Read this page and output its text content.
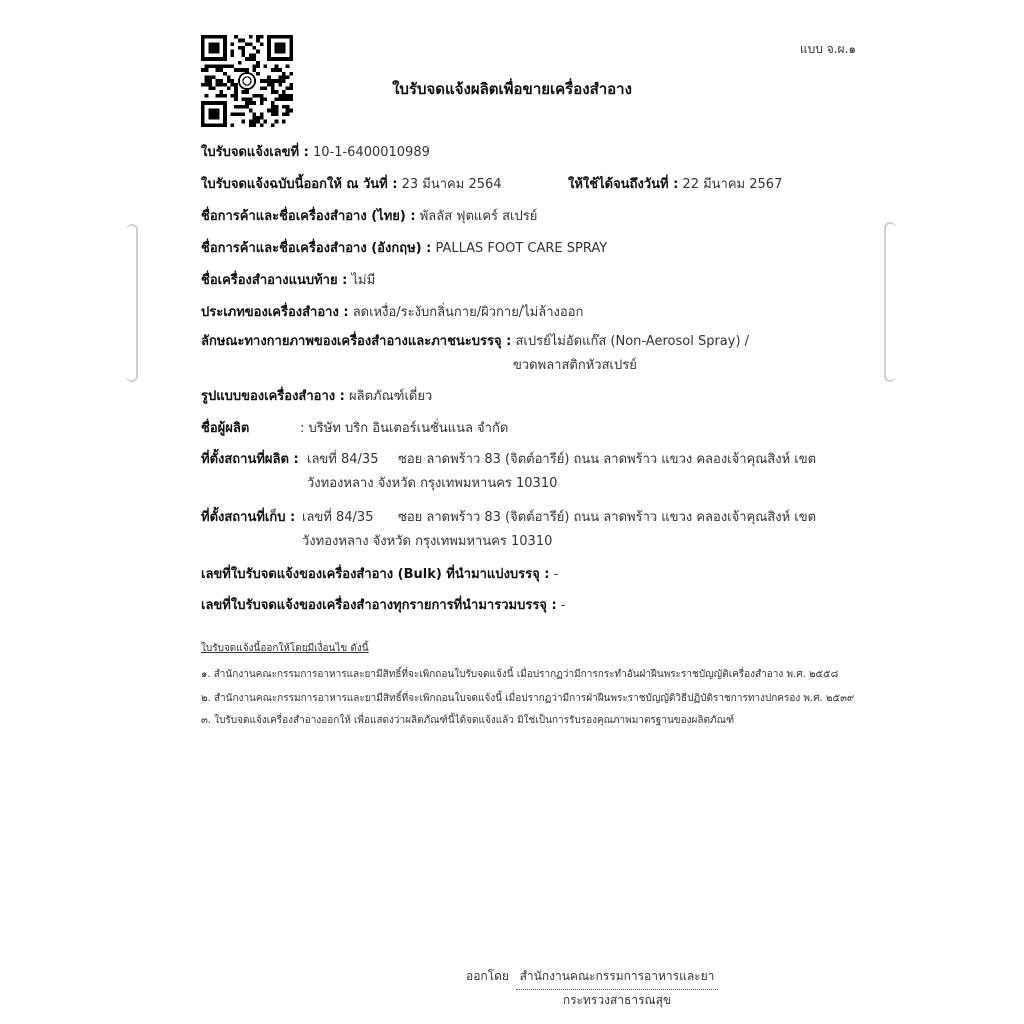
แบบ จ.ผ.๑
ใบรับจดแจ้งผลิตเพื่อขายเครื่องสำอาง
ใบรับจดแจ้งเลขที่ : 10-1-6400010989
ใบรับจดแจ้งฉบับนี้ออกให้ ณ วันที่ : 23 มีนาคม 2564	ให้ใช้ได้จนถึงวันที่ : 22 มีนาคม 2567
ชื่อการค้าและชื่อเครื่องสำอาง (ไทย) : พัลลัส ฟุตแคร์ สเปรย์
ชื่อการค้าและชื่อเครื่องสำอาง (อังกฤษ) : PALLAS FOOT CARE SPRAY
ชื่อเครื่องสำอางแนบท้าย : ไม่มี
ประเภทของเครื่องสำอาง : ลดเหงื่อ/ระงับกลิ่นกาย/ผิวกาย/ไม่ล้างออก
ลักษณะทางกายภาพของเครื่องสำอางและภาชนะบรรจุ : สเปรย์ไม่อัดแก๊ส (Non-Aerosol Spray) /
ขวดพลาสติกหัวสเปรย์
รูปแบบของเครื่องสำอาง : ผลิตภัณฑ์เดี่ยว
ชื่อผู้ผลิต	: บริษัท บริก อินเตอร์เนชั่นแนล จำกัด
ที่ตั้งสถานที่ผลิต : เลขที่ 84/35 ซอย ลาดพร้าว 83 (จิตต์อารีย์) ถนน ลาดพร้าว แขวง คลองเจ้าคุณสิงห์ เขต
วังทองหลาง จังหวัด กรุงเทพมหานคร 10310
ที่ตั้งสถานที่เก็บ : เลขที่ 84/35 ซอย ลาดพร้าว 83 (จิตต์อารีย์) ถนน ลาดพร้าว แขวง คลองเจ้าคุณสิงห์ เขต
วังทองหลาง จังหวัด กรุงเทพมหานคร 10310
เลขที่ใบรับจดแจ้งของเครื่องสำอาง (Bulk) ที่นำมาแบ่งบรรจุ : -
เลขที่ใบรับจดแจ้งของเครื่องสำอางทุกรายการที่นำมารวมบรรจุ : -
ใบรับจดแจ้งนี้ออกให้โดยมีเงื่อนไข ดังนี้
๑. สำนักงานคณะกรรมการอาหารและยามีสิทธิ์ที่จะเพิกถอนใบรับจดแจ้งนี้ เมื่อปรากฏว่ามีการกระทำอันฝ่าฝืนพระราชบัญญัติเครื่องสำอาง พ.ศ. ๒๕๕๘
๒. สำนักงานคณะกรรมการอาหารและยามีสิทธิ์ที่จะเพิกถอนใบจดแจ้งนี้ เมื่อปรากฏว่ามีการฝ่าฝืนพระราชบัญญัติวิธีปฏิบัติราชการทางปกครอง พ.ศ. ๒๕๓๙
๓. ใบรับจดแจ้งเครื่องสำอางออกให้ เพื่อแสดงว่าผลิตภัณฑ์นี้ได้จดแจ้งแล้ว มิใช่เป็นการรับรองคุณภาพมาตรฐานของผลิตภัณฑ์
ออกโดย สำนักงานคณะกรรมการอาหารและยา
กระทรวงสาธารณสุข
